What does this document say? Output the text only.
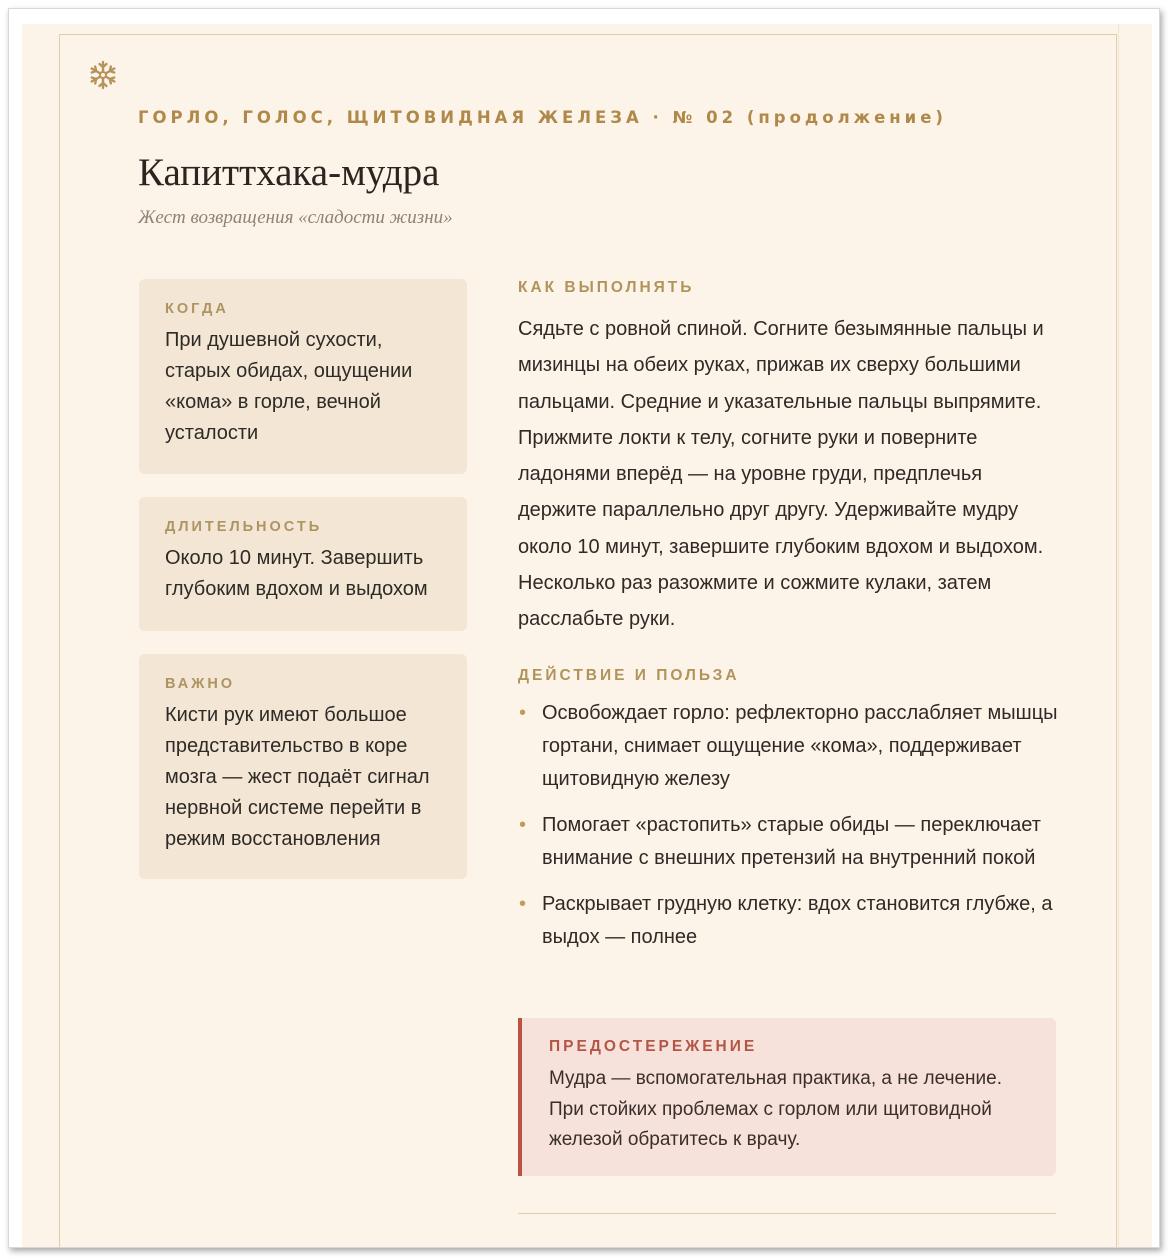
ГОРЛО, ГОЛОС, ЩИТОВИДНАЯ ЖЕЛЕЗА · № 02 (продолжение)
Капиттхака-мудра
Жест возвращения «сладости жизни»
КОГДА
При душевной сухости, старых обидах, ощущении «кома» в горле, вечной усталости
ДЛИТЕЛЬНОСТЬ
Около 10 минут. Завершить глубоким вдохом и выдохом
ВАЖНО
Кисти рук имеют большое представительство в коре мозга — жест подаёт сигнал нервной системе перейти в режим восстановления
КАК ВЫПОЛНЯТЬ
Сядьте с ровной спиной. Согните безымянные пальцы и мизинцы на обеих руках, прижав их сверху большими пальцами. Средние и указательные пальцы выпрямите. Прижмите локти к телу, согните руки и поверните ладонями вперёд — на уровне груди, предплечья держите параллельно друг другу. Удерживайте мудру около 10 минут, завершите глубоким вдохом и выдохом. Несколько раз разожмите и сожмите кулаки, затем расслабьте руки.
ДЕЙСТВИЕ И ПОЛЬЗА
• Освобождает горло: рефлекторно расслабляет мышцы гортани, снимает ощущение «кома», поддерживает щитовидную железу
• Помогает «растопить» старые обиды — переключает внимание с внешних претензий на внутренний покой
• Раскрывает грудную клетку: вдох становится глубже, а выдох — полнее
ПРЕДОСТЕРЕЖЕНИЕ
Мудра — вспомогательная практика, а не лечение. При стойких проблемах с горлом или щитовидной железой обратитесь к врачу.
